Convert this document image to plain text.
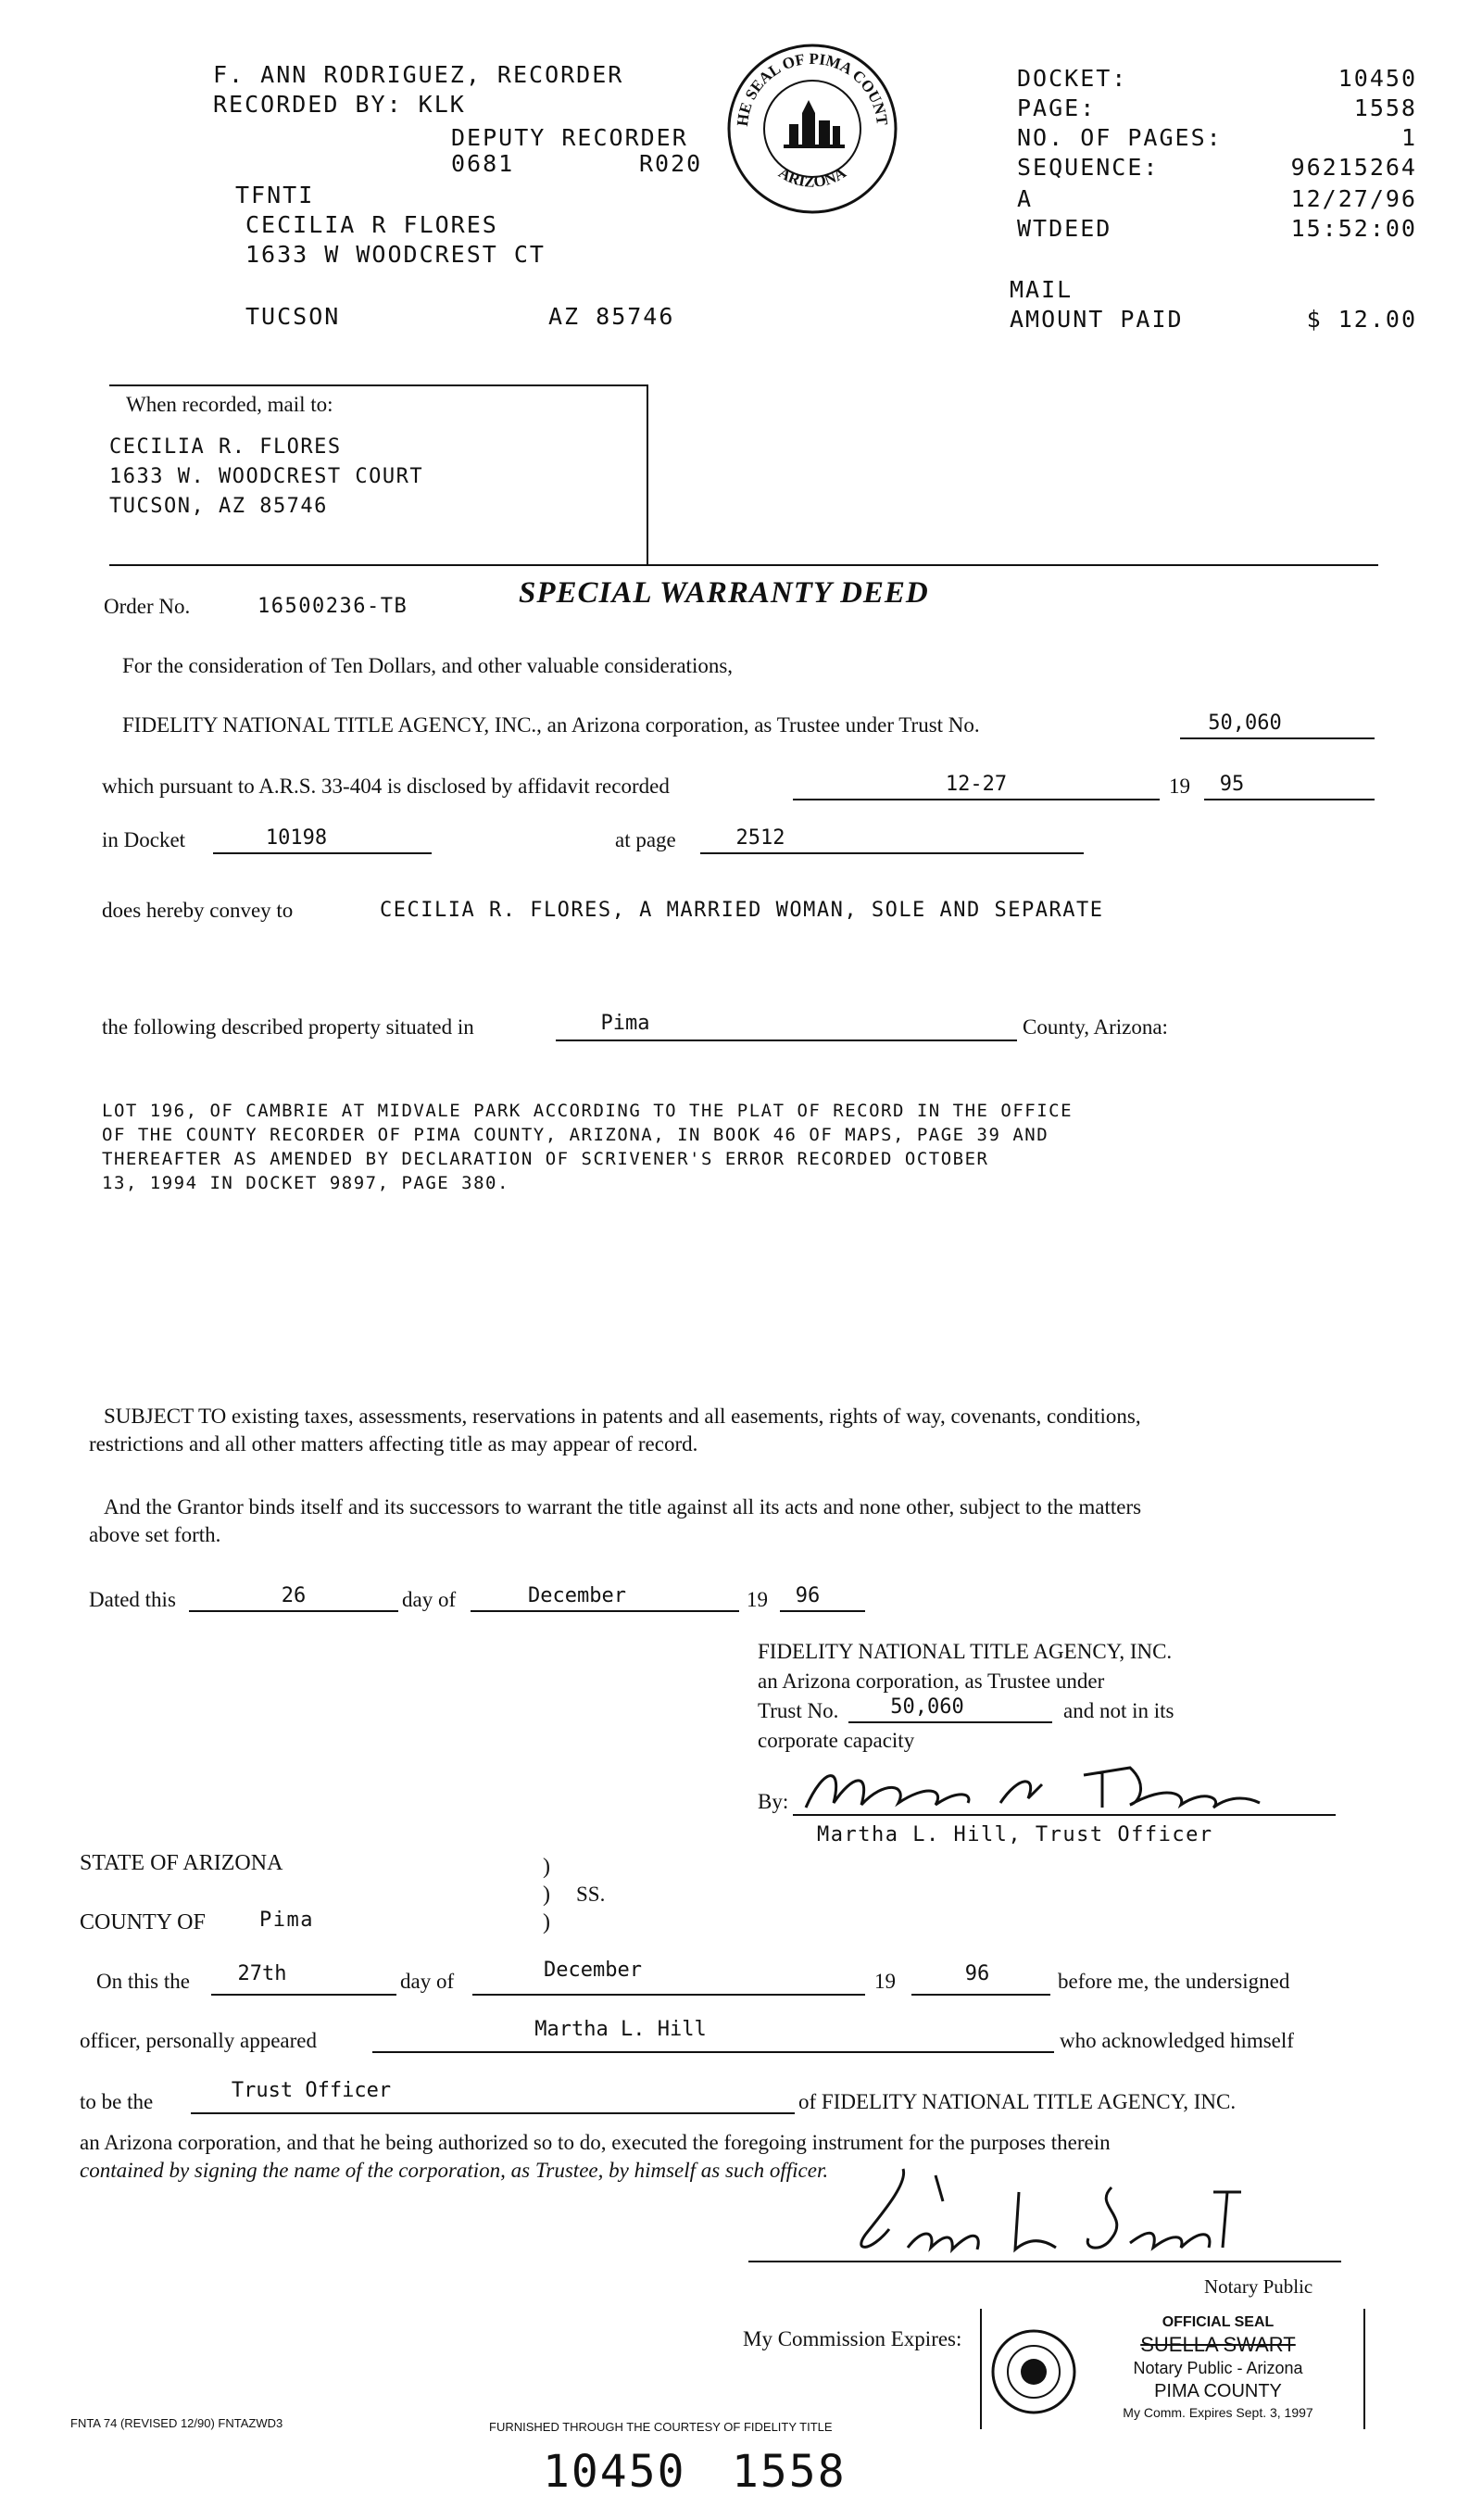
F. ANN RODRIGUEZ, RECORDER
RECORDED BY: KLK
DEPUTY RECORDER
0681	R020
TFNTI
CECILIA R FLORES
1633 W WOODCREST CT
TUCSON	AZ 85746
HE SEAL OF PIMA COUNT
ARIZONA
DOCKET:	10450
PAGE:	1558
NO. OF PAGES:	1
SEQUENCE:	96215264
A	12/27/96
WTDEED	15:52:00
MAIL
AMOUNT PAID	$ 12.00
When recorded, mail to:
CECILIA R. FLORES
1633 W. WOODCREST COURT
TUCSON, AZ 85746
Order No.	16500236-TB	SPECIAL WARRANTY DEED
For the consideration of Ten Dollars, and other valuable considerations,
FIDELITY NATIONAL TITLE AGENCY, INC., an Arizona corporation, as Trustee under Trust No.	50,060
which pursuant to A.R.S. 33-404 is disclosed by affidavit recorded	12-27	19	95
in Docket	10198	at page	2512
does hereby convey to	CECILIA R. FLORES, A MARRIED WOMAN, SOLE AND SEPARATE
the following described property situated in	Pima	County, Arizona:
LOT 196, OF CAMBRIE AT MIDVALE PARK ACCORDING TO THE PLAT OF RECORD IN THE OFFICE
OF THE COUNTY RECORDER OF PIMA COUNTY, ARIZONA, IN BOOK 46 OF MAPS, PAGE 39 AND
THEREAFTER AS AMENDED BY DECLARATION OF SCRIVENER'S ERROR RECORDED OCTOBER
13, 1994 IN DOCKET 9897, PAGE 380.
SUBJECT TO existing taxes, assessments, reservations in patents and all easements, rights of way, covenants, conditions,
restrictions and all other matters affecting title as may appear of record.
And the Grantor binds itself and its successors to warrant the title against all its acts and none other, subject to the matters
above set forth.
Dated this	26	day of	December	19	96
FIDELITY NATIONAL TITLE AGENCY, INC.
an Arizona corporation, as Trustee under
Trust No.	50,060	and not in its
corporate capacity
By:
Martha L. Hill, Trust Officer
STATE OF ARIZONA	)
)
)
SS.
COUNTY OF	Pima
On this the	27th	day of	December	19	96	before me, the undersigned
officer, personally appeared	Martha L. Hill	who acknowledged himself
to be the	Trust Officer	of FIDELITY NATIONAL TITLE AGENCY, INC.
an Arizona corporation, and that he being authorized so to do, executed the foregoing instrument for the purposes therein
contained by signing the name of the corporation, as Trustee, by himself as such officer.
Notary Public
My Commission Expires:
OFFICIAL SEAL
SUELLA SWART
Notary Public - Arizona
PIMA COUNTY
My Comm. Expires Sept. 3, 1997
FNTA 74 (REVISED 12/90) FNTAZWD3	FURNISHED THROUGH THE COURTESY OF FIDELITY TITLE
10450 1558
